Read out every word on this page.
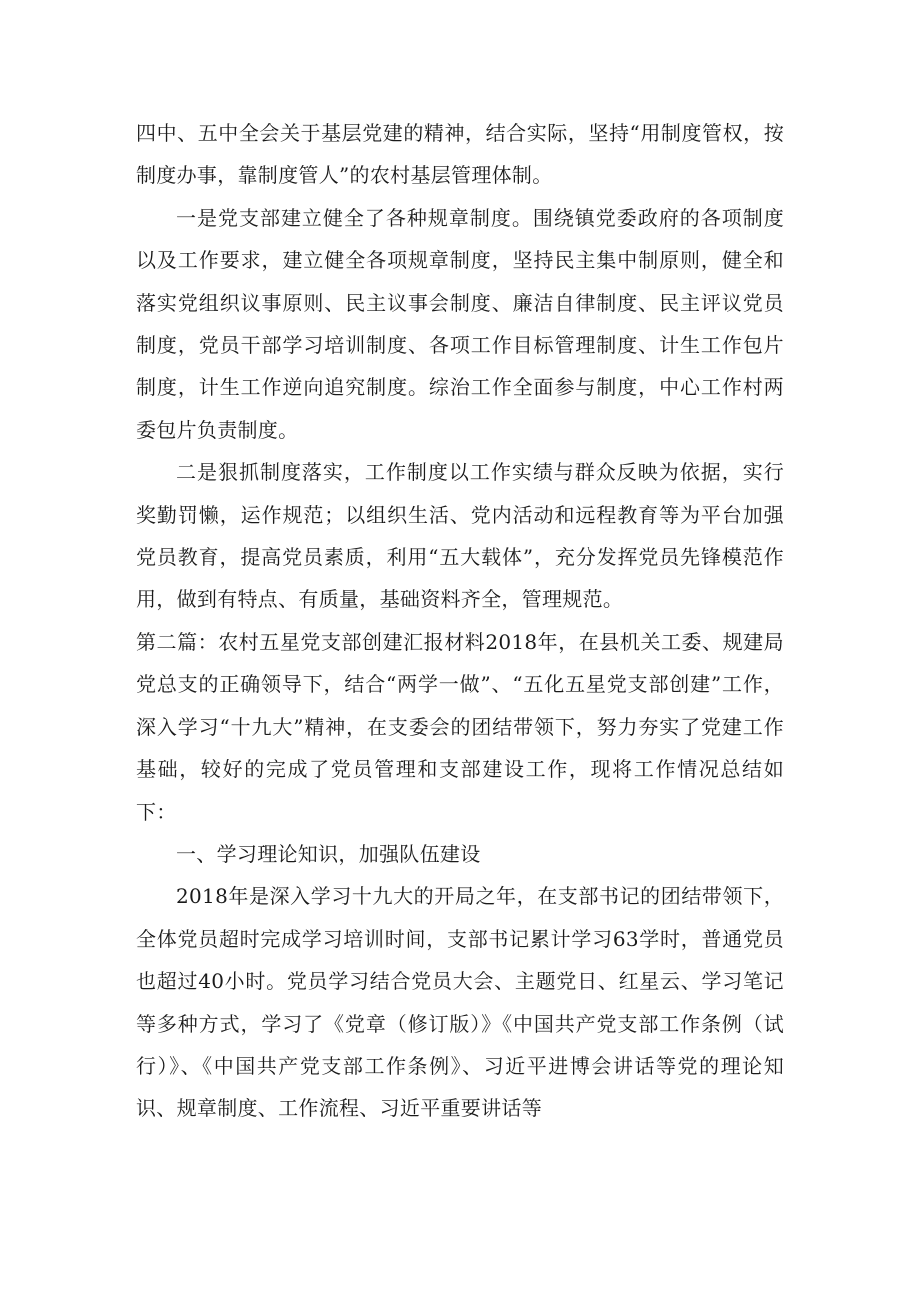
四中、五中全会关于基层党建的精神，结合实际，坚持“用制度管权，按制度办事，靠制度管人”的农村基层管理体制。

一是党支部建立健全了各种规章制度。围绕镇党委政府的各项制度以及工作要求，建立健全各项规章制度，坚持民主集中制原则，健全和落实党组织议事原则、民主议事会制度、廉洁自律制度、民主评议党员制度，党员干部学习培训制度、各项工作目标管理制度、计生工作包片制度，计生工作逆向追究制度。综治工作全面参与制度，中心工作村两委包片负责制度。

二是狠抓制度落实，工作制度以工作实绩与群众反映为依据，实行奖勤罚懒，运作规范；以组织生活、党内活动和远程教育等为平台加强党员教育，提高党员素质，利用“五大载体”，充分发挥党员先锋模范作用，做到有特点、有质量，基础资料齐全，管理规范。

第二篇：农村五星党支部创建汇报材料2018年，在县机关工委、规建局党总支的正确领导下，结合“两学一做”、“五化五星党支部创建”工作，深入学习“十九大”精神，在支委会的团结带领下，努力夯实了党建工作基础，较好的完成了党员管理和支部建设工作，现将工作情况总结如下：

一、学习理论知识，加强队伍建设

2018年是深入学习十九大的开局之年，在支部书记的团结带领下，全体党员超时完成学习培训时间，支部书记累计学习63学时，普通党员也超过40小时。党员学习结合党员大会、主题党日、红星云、学习笔记等多种方式，学习了《党章（修订版）》《中国共产党支部工作条例（试行）》、《中国共产党支部工作条例》、习近平进博会讲话等党的理论知识、规章制度、工作流程、习近平重要讲话等
